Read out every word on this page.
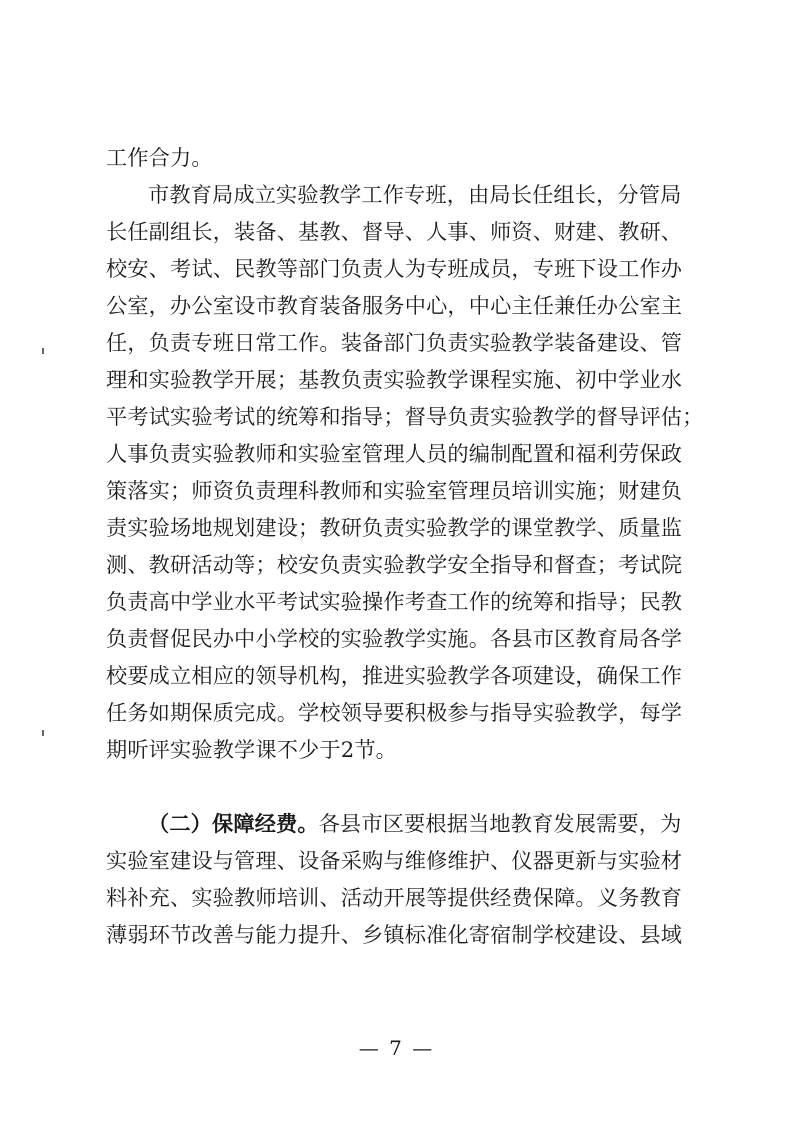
工作合力。
市教育局成立实验教学工作专班，由局长任组长，分管局
长任副组长，装备、基教、督导、人事、师资、财建、教研、
校安、考试、民教等部门负责人为专班成员，专班下设工作办
公室，办公室设市教育装备服务中心，中心主任兼任办公室主
任，负责专班日常工作。装备部门负责实验教学装备建设、管
理和实验教学开展；基教负责实验教学课程实施、初中学业水
平考试实验考试的统筹和指导；督导负责实验教学的督导评估；
人事负责实验教师和实验室管理人员的编制配置和福利劳保政
策落实；师资负责理科教师和实验室管理员培训实施；财建负
责实验场地规划建设；教研负责实验教学的课堂教学、质量监
测、教研活动等；校安负责实验教学安全指导和督查；考试院
负责高中学业水平考试实验操作考查工作的统筹和指导；民教
负责督促民办中小学校的实验教学实施。各县市区教育局各学
校要成立相应的领导机构，推进实验教学各项建设，确保工作
任务如期保质完成。学校领导要积极参与指导实验教学，每学
期听评实验教学课不少于2节。
（二）保障经费。各县市区要根据当地教育发展需要，为
实验室建设与管理、设备采购与维修维护、仪器更新与实验材
料补充、实验教师培训、活动开展等提供经费保障。义务教育
薄弱环节改善与能力提升、乡镇标准化寄宿制学校建设、县域
— 7 —
